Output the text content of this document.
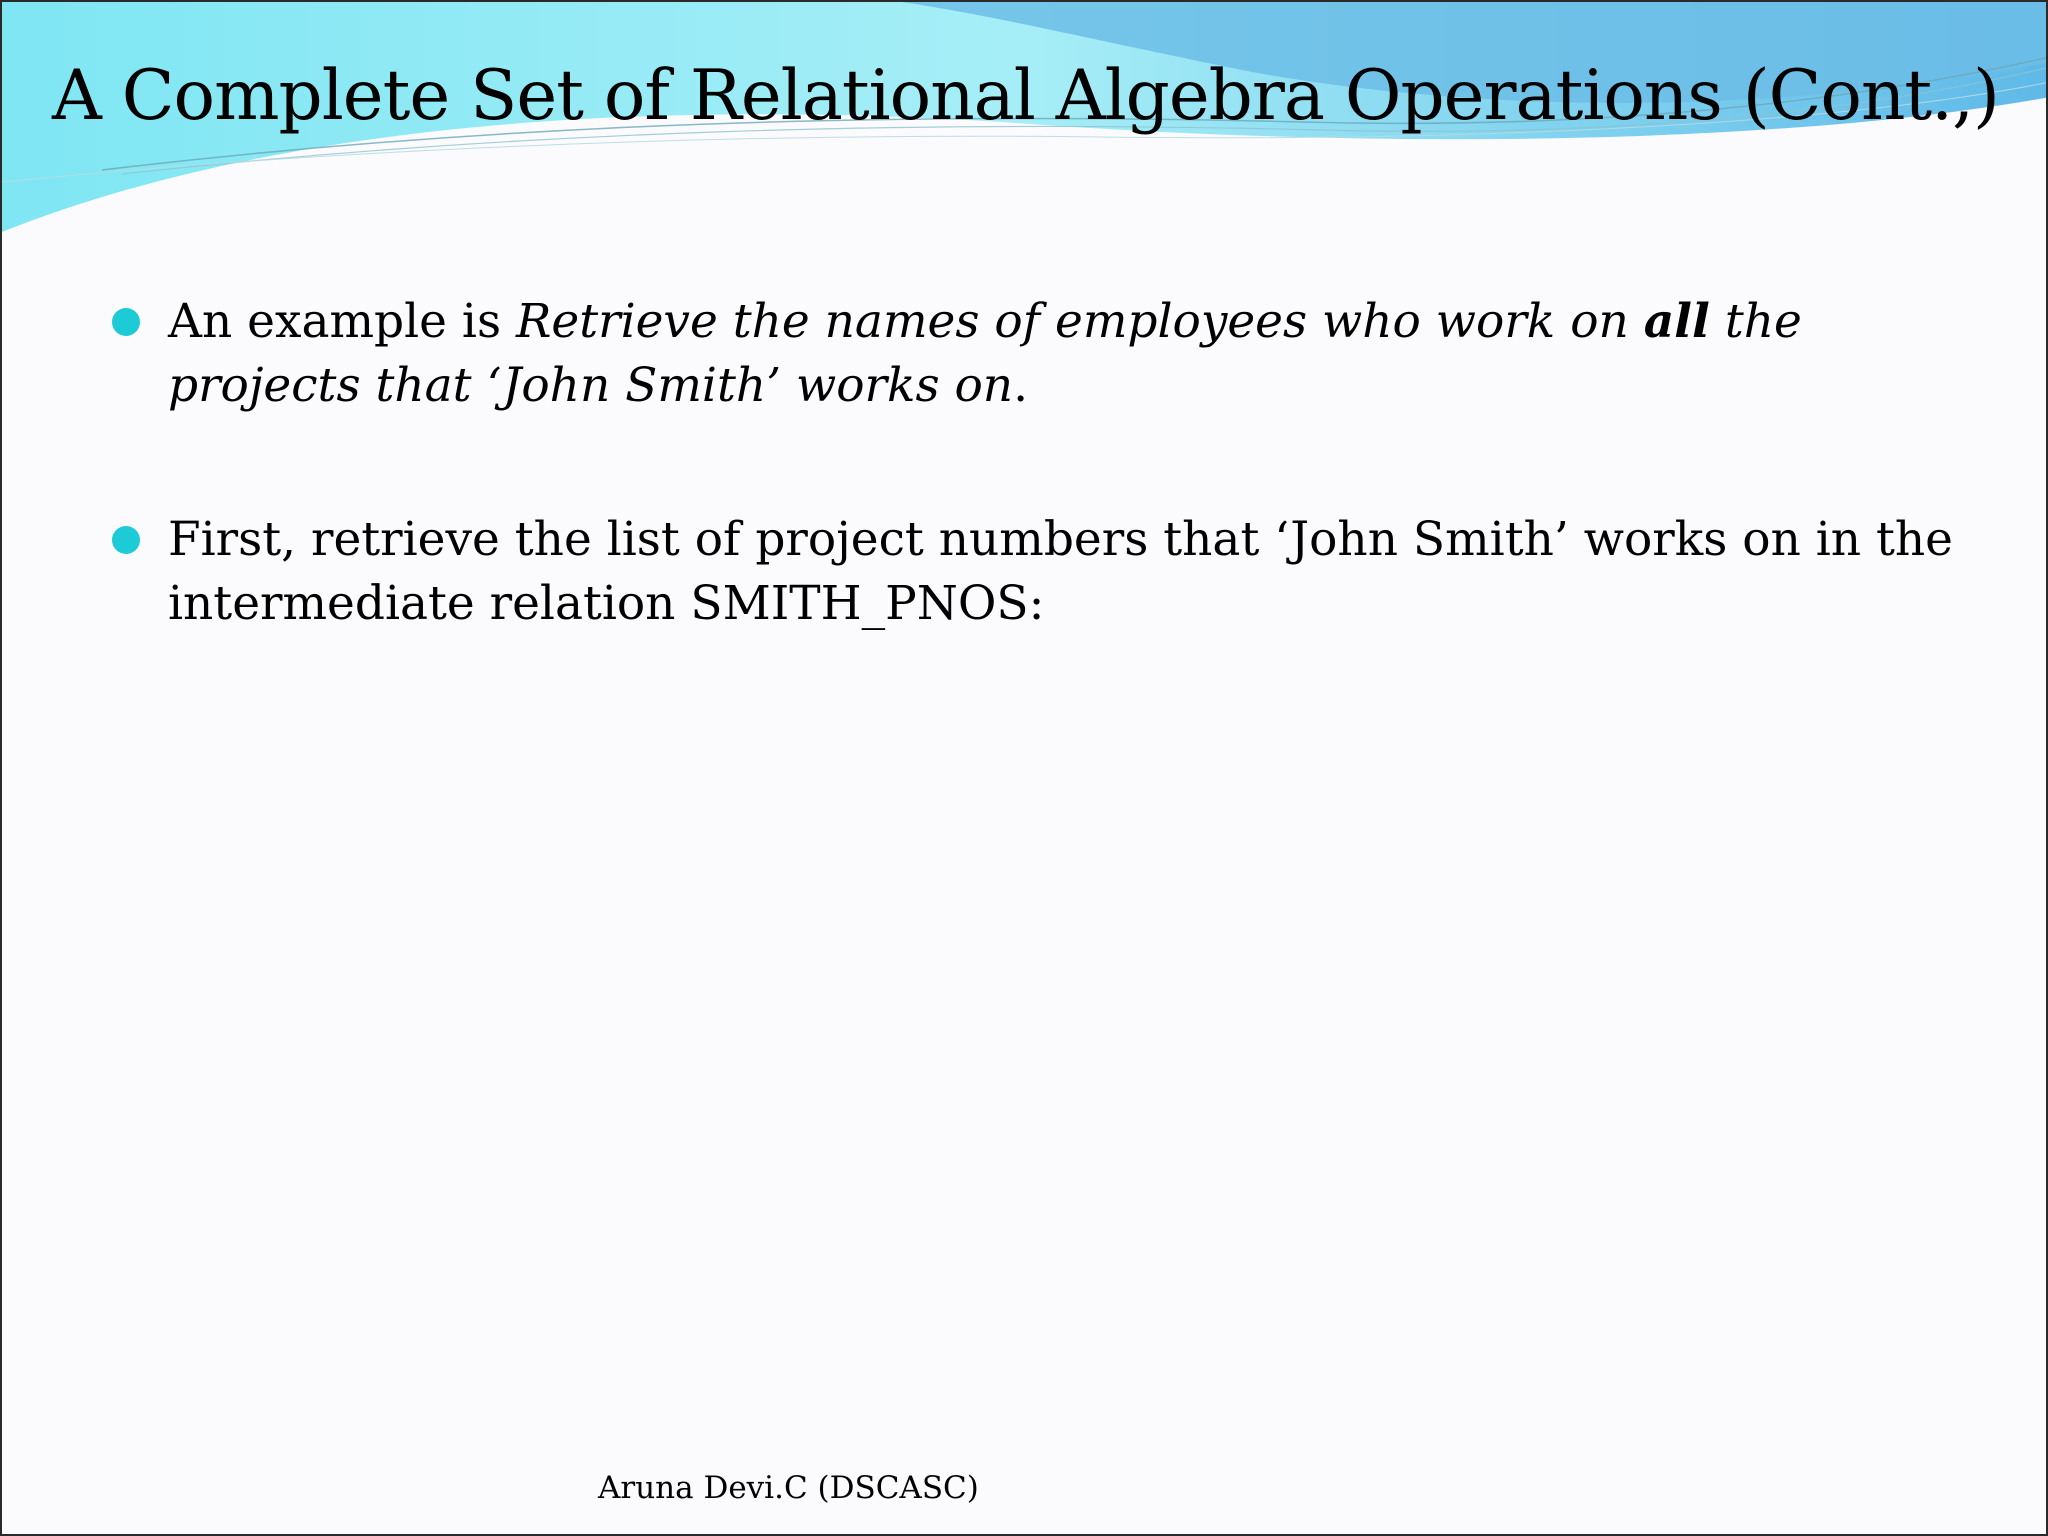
A Complete Set of Relational Algebra Operations (Cont.,)

An example is Retrieve the names of employees who work on all the projects that ‘John Smith’ works on.

First, retrieve the list of project numbers that ‘John Smith’ works on in the intermediate relation SMITH_PNOS:

Aruna Devi.C (DSCASC)
